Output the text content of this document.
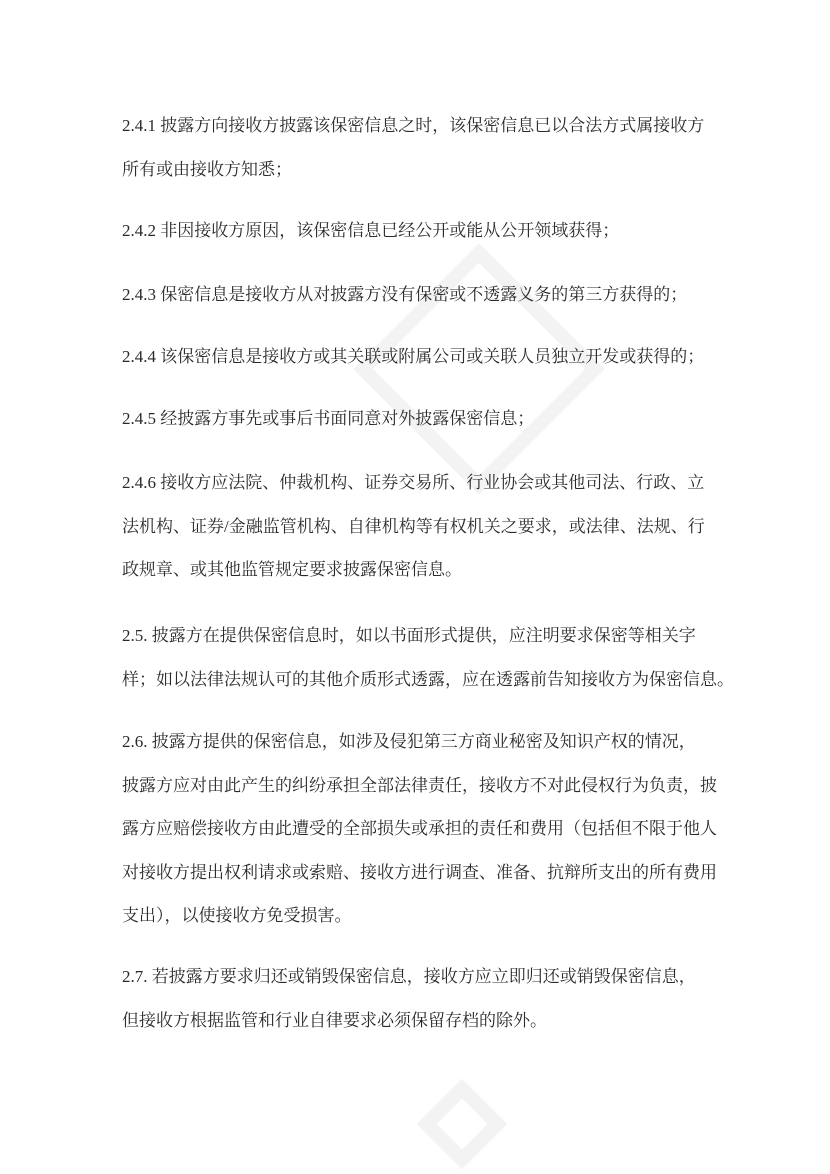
2.4.1 披露方向接收方披露该保密信息之时，该保密信息已以合法方式属接收方
所有或由接收方知悉；
2.4.2 非因接收方原因，该保密信息已经公开或能从公开领域获得；
2.4.3 保密信息是接收方从对披露方没有保密或不透露义务的第三方获得的；
2.4.4 该保密信息是接收方或其关联或附属公司或关联人员独立开发或获得的；
2.4.5 经披露方事先或事后书面同意对外披露保密信息；
2.4.6 接收方应法院、仲裁机构、证券交易所、行业协会或其他司法、行政、立
法机构、证券/金融监管机构、自律机构等有权机关之要求，或法律、法规、行
政规章、或其他监管规定要求披露保密信息。
2.5. 披露方在提供保密信息时，如以书面形式提供，应注明要求保密等相关字
样；如以法律法规认可的其他介质形式透露，应在透露前告知接收方为保密信息。
2.6. 披露方提供的保密信息，如涉及侵犯第三方商业秘密及知识产权的情况，
披露方应对由此产生的纠纷承担全部法律责任，接收方不对此侵权行为负责，披
露方应赔偿接收方由此遭受的全部损失或承担的责任和费用（包括但不限于他人
对接收方提出权利请求或索赔、接收方进行调查、准备、抗辩所支出的所有费用
支出），以使接收方免受损害。
2.7. 若披露方要求归还或销毁保密信息，接收方应立即归还或销毁保密信息，
但接收方根据监管和行业自律要求必须保留存档的除外。
